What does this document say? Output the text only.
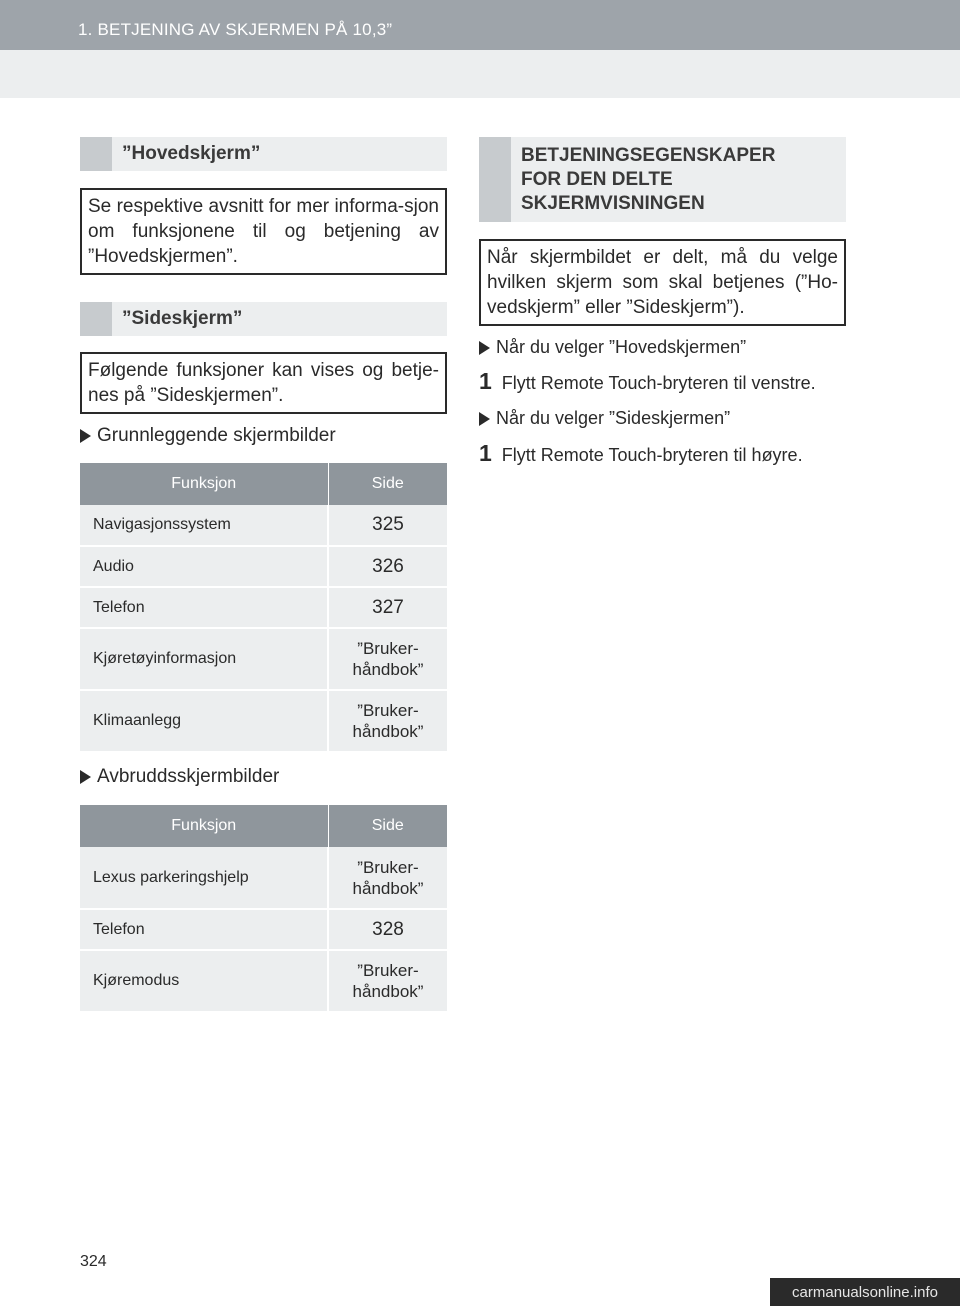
1. BETJENING AV SKJERMEN PÅ 10,3”
”Hovedskjerm”
Se respektive avsnitt for mer informa-sjon om funksjonene til og betjening av ”Hovedskjermen”.
”Sideskjerm”
Følgende funksjoner kan vises og betje-nes på ”Sideskjermen”.
Grunnleggende skjermbilder
Funksjon	Side
Navigasjonssystem	325
Audio	326
Telefon	327
Kjøretøyinformasjon	”Bruker-
håndbok”

Klimaanlegg	”Bruker-
håndbok”
Avbruddsskjermbilder
Funksjon	Side
Lexus parkeringshjelp	”Bruker-
håndbok”

Telefon	328
Kjøremodus	”Bruker-
håndbok”
BETJENINGSEGENSKAPER
FOR DEN DELTE
SKJERMVISNINGEN
Når skjermbildet er delt, må du velge hvilken skjerm som skal betjenes (”Ho-vedskjerm” eller ”Sideskjerm”).
Når du velger ”Hovedskjermen”
1 Flytt Remote Touch-bryteren til venstre.
Når du velger ”Sideskjermen”
1 Flytt Remote Touch-bryteren til høyre.
324
carmanualsonline.info
